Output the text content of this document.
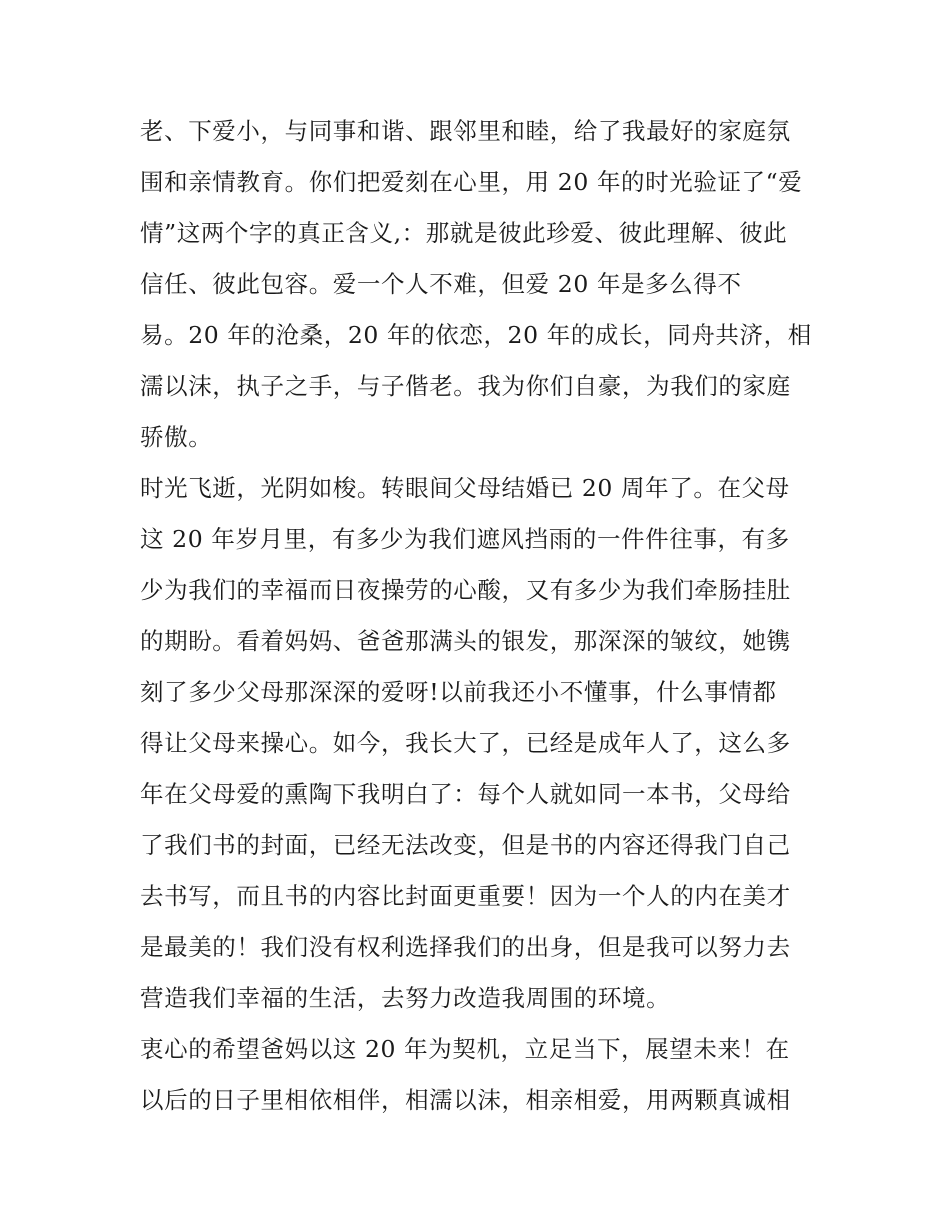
老、下爱小，与同事和谐、跟邻里和睦，给了我最好的家庭氛
围和亲情教育。你们把爱刻在心里，用 20 年的时光验证了“爱
情”这两个字的真正含义,：那就是彼此珍爱、彼此理解、彼此
信任、彼此包容。爱一个人不难，但爱 20 年是多么得不
易。20 年的沧桑，20 年的依恋，20 年的成长，同舟共济，相
濡以沫，执子之手，与子偕老。我为你们自豪，为我们的家庭
骄傲。
时光飞逝，光阴如梭。转眼间父母结婚已 20 周年了。在父母
这 20 年岁月里，有多少为我们遮风挡雨的一件件往事，有多
少为我们的幸福而日夜操劳的心酸，又有多少为我们牵肠挂肚
的期盼。看着妈妈、爸爸那满头的银发，那深深的皱纹，她镌
刻了多少父母那深深的爱呀!以前我还小不懂事，什么事情都
得让父母来操心。如今，我长大了，已经是成年人了，这么多
年在父母爱的熏陶下我明白了：每个人就如同一本书，父母给
了我们书的封面，已经无法改变，但是书的内容还得我门自己
去书写，而且书的内容比封面更重要！因为一个人的内在美才
是最美的！我们没有权利选择我们的出身，但是我可以努力去
营造我们幸福的生活，去努力改造我周围的环境。
衷心的希望爸妈以这 20 年为契机，立足当下，展望未来！在
以后的日子里相依相伴，相濡以沫，相亲相爱，用两颗真诚相
